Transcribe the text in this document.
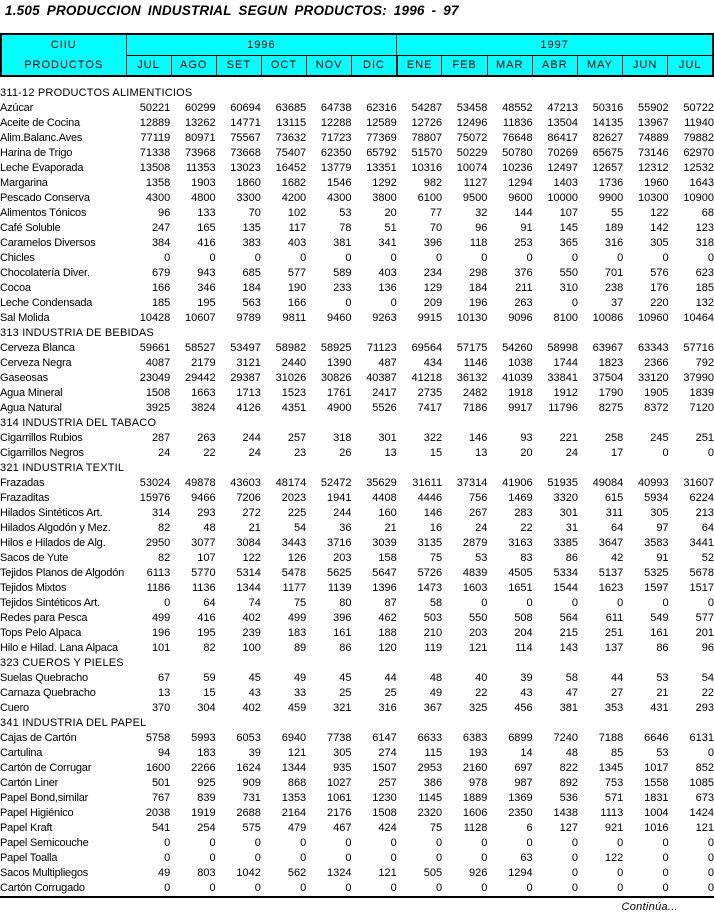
1.505 PRODUCCION INDUSTRIAL SEGUN PRODUCTOS: 1996 - 97
CIIU
PRODUCTOS	1996						1997						
	JUL	AGO	SET	OCT	NOV	DIC	ENE	FEB	MAR	ABR	MAY	JUN	JUL
311-12 PRODUCTOS ALIMENTICIOS													
Azúcar	50221	60299	60694	63685	64738	62316	54287	53458	48552	47213	50316	55902	50722
Aceite de Cocina	12889	13262	14771	13115	12288	12589	12726	12496	11836	13504	14135	13967	11940
Alim.Balanc.Aves	77119	80971	75567	73632	71723	77369	78807	75072	76648	86417	82627	74889	79882
Harina de Trigo	71338	73968	73668	75407	62350	65792	51570	50229	50780	70269	65675	73146	62970
Leche Evaporada	13508	11353	13023	16452	13779	13351	10316	10074	10236	12497	12657	12312	12532
Margarina	1358	1903	1860	1682	1546	1292	982	1127	1294	1403	1736	1960	1643
Pescado Conserva	4300	4800	3300	4200	4300	3800	6100	9500	9600	10000	9900	10300	10900
Alimentos Tónicos	96	133	70	102	53	20	77	32	144	107	55	122	68
Café Soluble	247	165	135	117	78	51	70	96	91	145	189	142	123
Caramelos Diversos	384	416	383	403	381	341	396	118	253	365	316	305	318
Chicles	0	0	0	0	0	0	0	0	0	0	0	0	0
Chocolatería Diver.	679	943	685	577	589	403	234	298	376	550	701	576	623
Cocoa	166	346	184	190	233	136	129	184	211	310	238	176	185
Leche Condensada	185	195	563	166	0	0	209	196	263	0	37	220	132
Sal Molida	10428	10607	9789	9811	9460	9263	9915	10130	9096	8100	10086	10960	10464
313 INDUSTRIA DE BEBIDAS													
Cerveza Blanca	59661	58527	53497	58982	58925	71123	69564	57175	54260	58998	63967	63343	57716
Cerveza Negra	4087	2179	3121	2440	1390	487	434	1146	1038	1744	1823	2366	792
Gaseosas	23049	29442	29387	31026	30826	40387	41218	36132	41039	33841	37504	33120	37990
Agua Mineral	1508	1663	1713	1523	1761	2417	2735	2482	1918	1912	1790	1905	1839
Agua Natural	3925	3824	4126	4351	4900	5526	7417	7186	9917	11796	8275	8372	7120
314 INDUSTRIA DEL TABACO													
Cigarrillos Rubios	287	263	244	257	318	301	322	146	93	221	258	245	251
Cigarrillos Negros	24	22	24	23	26	13	15	13	20	24	17	0	0
321 INDUSTRIA TEXTIL													
Frazadas	53024	49878	43603	48174	52472	35629	31611	37314	41906	51935	49084	40993	31607
Frazaditas	15976	9466	7206	2023	1941	4408	4446	756	1469	3320	615	5934	6224
Hilados Sintéticos Art.	314	293	272	225	244	160	146	267	283	301	311	305	213
Hilados Algodón y Mez.	82	48	21	54	36	21	16	24	22	31	64	97	64
Hilos e Hilados de Alg.	2950	3077	3084	3443	3716	3039	3135	2879	3163	3385	3647	3583	3441
Sacos de Yute	82	107	122	126	203	158	75	53	83	86	42	91	52
Tejidos Planos de Algodón	6113	5770	5314	5478	5625	5647	5726	4839	4505	5334	5137	5325	5678
Tejidos Mixtos	1186	1136	1344	1177	1139	1396	1473	1603	1651	1544	1623	1597	1517
Tejidos Sintéticos Art.	0	64	74	75	80	87	58	0	0	0	0	0	0
Redes para Pesca	499	416	402	499	396	462	503	550	508	564	611	549	577
Tops Pelo Alpaca	196	195	239	183	161	188	210	203	204	215	251	161	201
Hilo e Hilad. Lana Alpaca	101	82	100	89	86	120	119	121	114	143	137	86	96
323 CUEROS Y PIELES													
Suelas Quebracho	67	59	45	49	45	44	48	40	39	58	44	53	54
Carnaza Quebracho	13	15	43	33	25	25	49	22	43	47	27	21	22
Cuero	370	304	402	459	321	316	367	325	456	381	353	431	293
341 INDUSTRIA DEL PAPEL													
Cajas de Cartón	5758	5993	6053	6940	7738	6147	6633	6383	6899	7240	7188	6646	6131
Cartulina	94	183	39	121	305	274	115	193	14	48	85	53	0
Cartón de Corrugar	1600	2266	1624	1344	935	1507	2953	2160	697	822	1345	1017	852
Cartón Liner	501	925	909	868	1027	257	386	978	987	892	753	1558	1085
Papel Bond,similar	767	839	731	1353	1061	1230	1145	1889	1369	536	571	1831	673
Papel Higiénico	2038	1919	2688	2164	2176	1508	2320	1606	2350	1438	1113	1004	1424
Papel Kraft	541	254	575	479	467	424	75	1128	6	127	921	1016	121
Papel Semicouche	0	0	0	0	0	0	0	0	0	0	0	0	0
Papel Toalla	0	0	0	0	0	0	0	0	63	0	122	0	0
Sacos Multipliegos	49	803	1042	562	1324	121	505	926	1294	0	0	0	0
Cartón Corrugado	0	0	0	0	0	0	0	0	0	0	0	0	0
Continúa...
